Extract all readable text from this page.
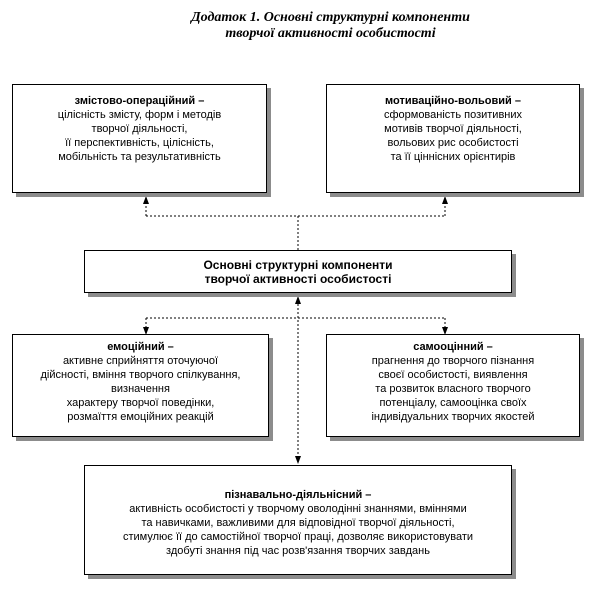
Додаток 1. Основні структурні компоненти
творчої активності особистості

змістово-операційний –

цілісність змісту, форм і методів

творчої діяльності,

її перспективність, цілісність,

мобільність та результативність

мотиваційно-вольовий –

сформованість позитивних

мотивів творчої діяльності,

вольових рис особистості

та її ціннісних орієнтирів

Основні структурні компоненти

творчої активності особистості

емоційний –

активне сприйняття оточуючої

дійсності, вміння творчого спілкування,

визначення

характеру творчої поведінки,

розмаїття емоційних реакцій

самооцінний –

прагнення до творчого пізнання

своєї особистості, виявлення

та розвиток власного творчого

потенціалу, самооцінка своїх

індивідуальних творчих якостей

пізнавально-діяльнісний –

активність особистості у творчому оволодінні знаннями, вміннями

та навичками, важливими для відповідної творчої діяльності,

стимулює її до самостійної творчої праці, дозволяє використовувати

здобуті знання під час розв'язання творчих завдань
